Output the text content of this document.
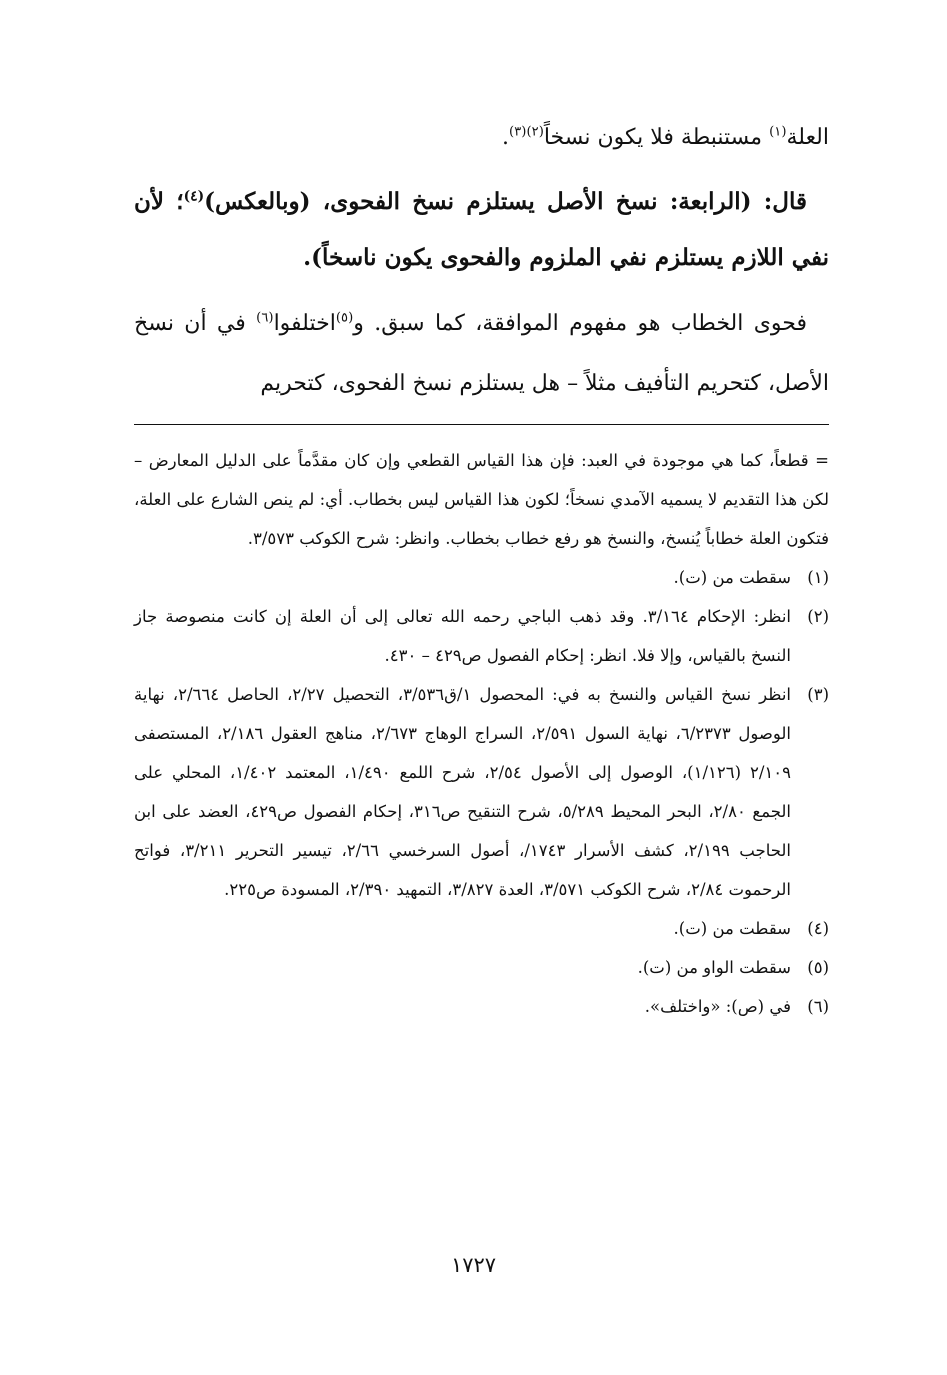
العلة$^{(١)}$ مستنبطة فلا يكون نسخاً$^{(٢)(٣)}$.

قال: (الرابعة: نسخ الأصل يستلزم نسخ الفحوى، (وبالعكس)$^{(٤)}$؛ لأن نفي اللازم يستلزم نفي الملزوم والفحوى يكون ناسخاً).

فحوى الخطاب هو مفهوم الموافقة، كما سبق. و$^{(٥)}$اختلفوا$^{(٦)}$ في أن نسخ الأصل، كتحريم التأفيف مثلاً – هل يستلزم نسخ الفحوى، كتحريم

= قطعاً، كما هي موجودة في العبد: فإن هذا القياس القطعي وإن كان مقدَّماً على الدليل المعارض – لكن هذا التقديم لا يسميه الآمدي نسخاً؛ لكون هذا القياس ليس بخطاب. أي: لم ينص الشارع على العلة، فتكون العلة خطاباً يُنسخ، والنسخ هو رفع خطاب بخطاب. وانظر: شرح الكوكب ٣/٥٧٣.

(١)
سقطت من (ت).
(٢)
انظر: الإحكام ٣/١٦٤. وقد ذهب الباجي رحمه الله تعالى إلى أن العلة إن كانت منصوصة جاز النسخ بالقياس، وإلا فلا. انظر: إحكام الفصول ص٤٢٩ – ٤٣٠.
(٣)
انظر نسخ القياس والنسخ به في: المحصول ١/ق٣/٥٣٦، التحصيل ٢/٢٧، الحاصل ٢/٦٦٤، نهاية الوصول ٦/٢٣٧٣، نهاية السول ٢/٥٩١، السراج الوهاج ٢/٦٧٣، مناهج العقول ٢/١٨٦، المستصفى ٢/١٠٩ (١/١٢٦)، الوصول إلى الأصول ٢/٥٤، شرح اللمع ١/٤٩٠، المعتمد ١/٤٠٢، المحلي على الجمع ٢/٨٠، البحر المحيط ٥/٢٨٩، شرح التنقيح ص٣١٦، إحكام الفصول ص٤٢٩، العضد على ابن الحاجب ٢/١٩٩، كشف الأسرار ١٧٤٣/، أصول السرخسي ٢/٦٦، تيسير التحرير ٣/٢١١، فواتح الرحموت ٢/٨٤، شرح الكوكب ٣/٥٧١، العدة ٣/٨٢٧، التمهيد ٢/٣٩٠، المسودة ص٢٢٥.
(٤)
سقطت من (ت).
(٥)
سقطت الواو من (ت).
(٦)
في (ص): «واختلف».
١٧٢٧
